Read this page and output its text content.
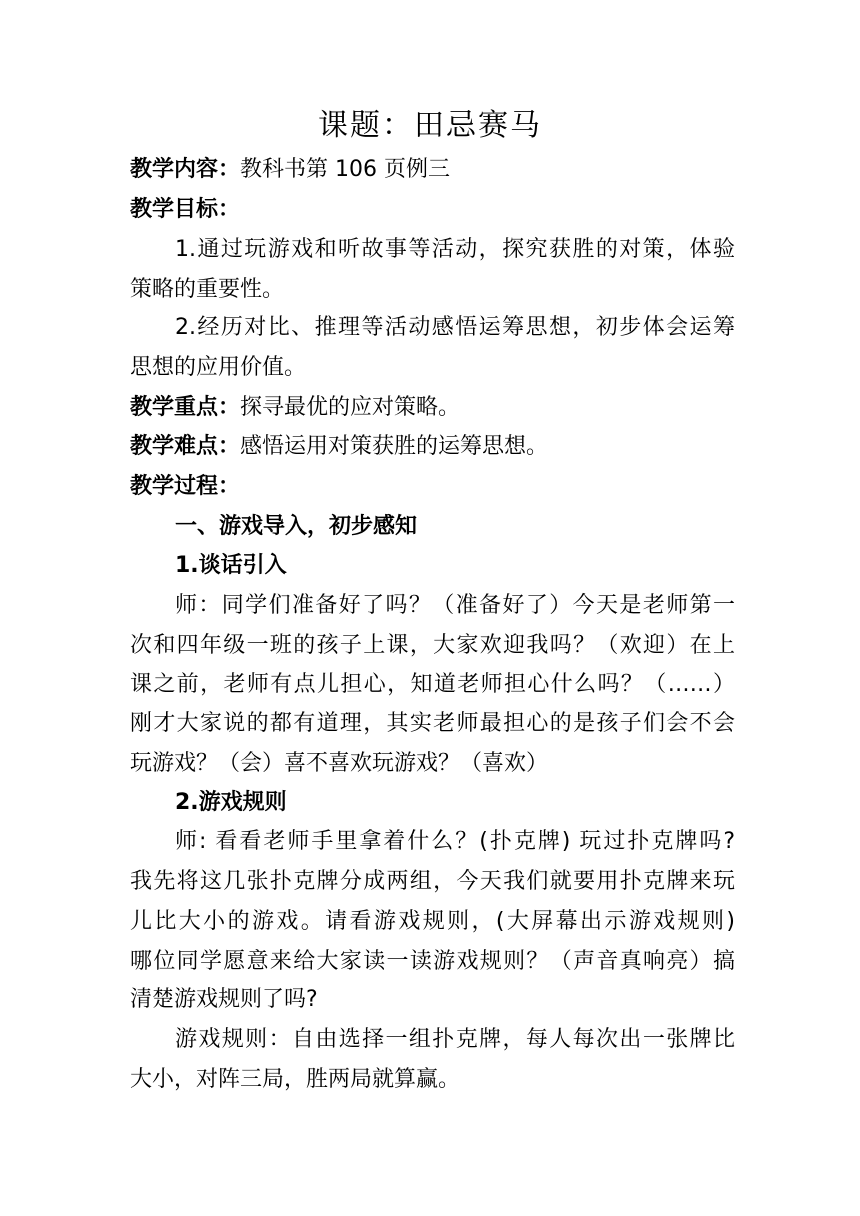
课题：田忌赛马
教学内容：教科书第 106 页例三
教学目标：
1.通过玩游戏和听故事等活动，探究获胜的对策，体验
策略的重要性。
2.经历对比、推理等活动感悟运筹思想，初步体会运筹
思想的应用价值。
教学重点：探寻最优的应对策略。
教学难点：感悟运用对策获胜的运筹思想。
教学过程：
一、游戏导入，初步感知
1.谈话引入
师：同学们准备好了吗？（准备好了）今天是老师第一
次和四年级一班的孩子上课，大家欢迎我吗？（欢迎）在上
课之前，老师有点儿担心，知道老师担心什么吗？（……）
刚才大家说的都有道理，其实老师最担心的是孩子们会不会
玩游戏？（会）喜不喜欢玩游戏？（喜欢）
2.游戏规则
师: 看看老师手里拿着什么？(扑克牌) 玩过扑克牌吗?
我先将这几张扑克牌分成两组，今天我们就要用扑克牌来玩
儿比大小的游戏。请看游戏规则，(大屏幕出示游戏规则)
哪位同学愿意来给大家读一读游戏规则？（声音真响亮）搞
清楚游戏规则了吗?
游戏规则：自由选择一组扑克牌，每人每次出一张牌比
大小，对阵三局，胜两局就算赢。
